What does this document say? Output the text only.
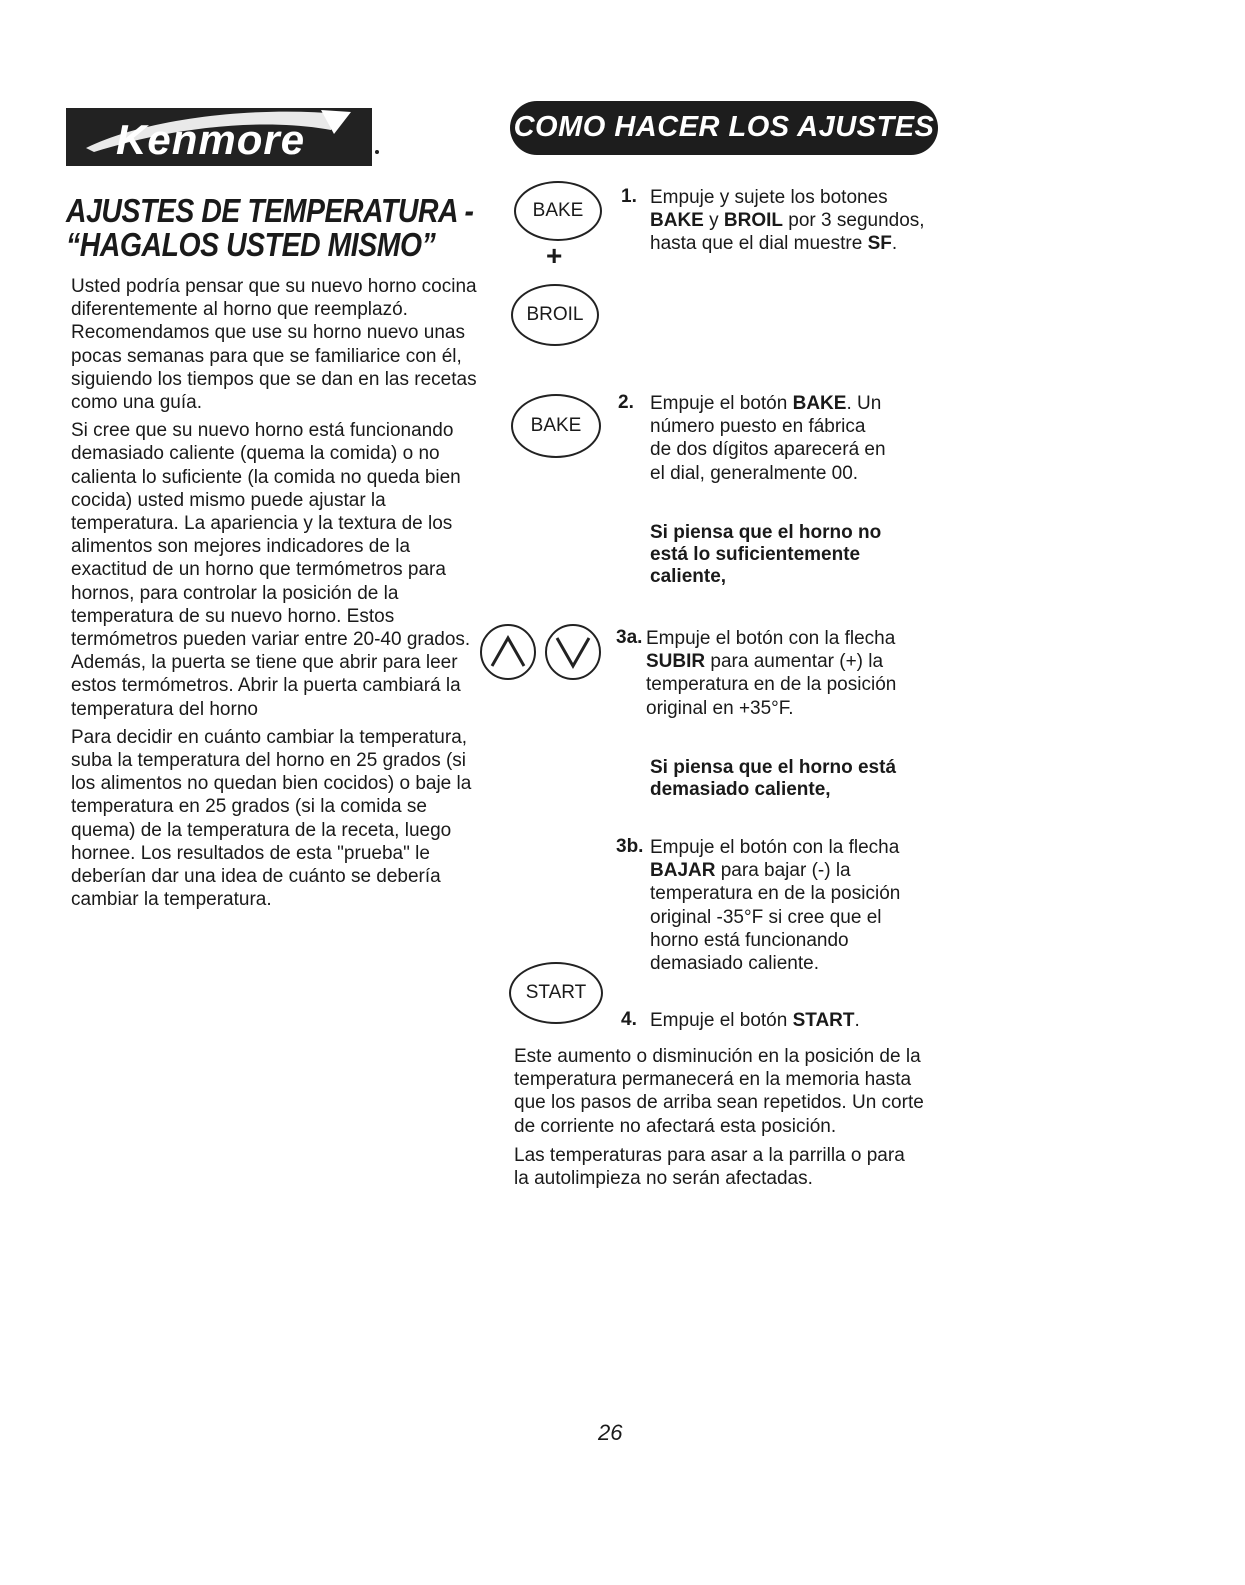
Kenmore
AJUSTES DE TEMPERATURA - “HAGALOS USTED MISMO”

Usted podría pensar que su nuevo horno cocina diferentemente al horno que reemplazó. Recomendamos que use su horno nuevo unas pocas semanas para que se familiarice con él, siguiendo los tiempos que se dan en las recetas como una guía.

Si cree que su nuevo horno está funcionando demasiado caliente (quema la comida) o no calienta lo suficiente (la comida no queda bien cocida) usted mismo puede ajustar la temperatura. La apariencia y la textura de los alimentos son mejores indicadores de la exactitud de un horno que termómetros para hornos, para controlar la posición de la temperatura de su nuevo horno. Estos termómetros pueden variar entre 20-40 grados. Además, la puerta se tiene que abrir para leer estos termómetros. Abrir la puerta cambiará la temperatura del horno

Para decidir en cuánto cambiar la temperatura, suba la temperatura del horno en 25 grados (si los alimentos no quedan bien cocidos) o baje la temperatura en 25 grados (si la comida se quema) de la temperatura de la receta, luego hornee. Los resultados de esta "prueba" le deberían dar una idea de cuánto se debería cambiar la temperatura.

COMO HACER LOS AJUSTES
BAKE
+
BROIL
1. Empuje y sujete los botones BAKE y BROIL por 3 segundos, hasta que el dial muestre SF.
BAKE
2. Empuje el botón BAKE. Un número puesto en fábrica de dos dígitos aparecerá en el dial, generalmente 00.
Si piensa que el horno no está lo suficientemente caliente,
3a. Empuje el botón con la flecha SUBIR para aumentar (+) la temperatura en de la posición original en +35°F.
Si piensa que el horno está demasiado caliente,
3b. Empuje el botón con la flecha BAJAR para bajar (-) la temperatura en de la posición original -35°F si cree que el horno está funcionando demasiado caliente.
START
4. Empuje el botón START.

Este aumento o disminución en la posición de la temperatura permanecerá en la memoria hasta que los pasos de arriba sean repetidos. Un corte de corriente no afectará esta posición.

Las temperaturas para asar a la parrilla o para la autolimpieza no serán afectadas.

26
